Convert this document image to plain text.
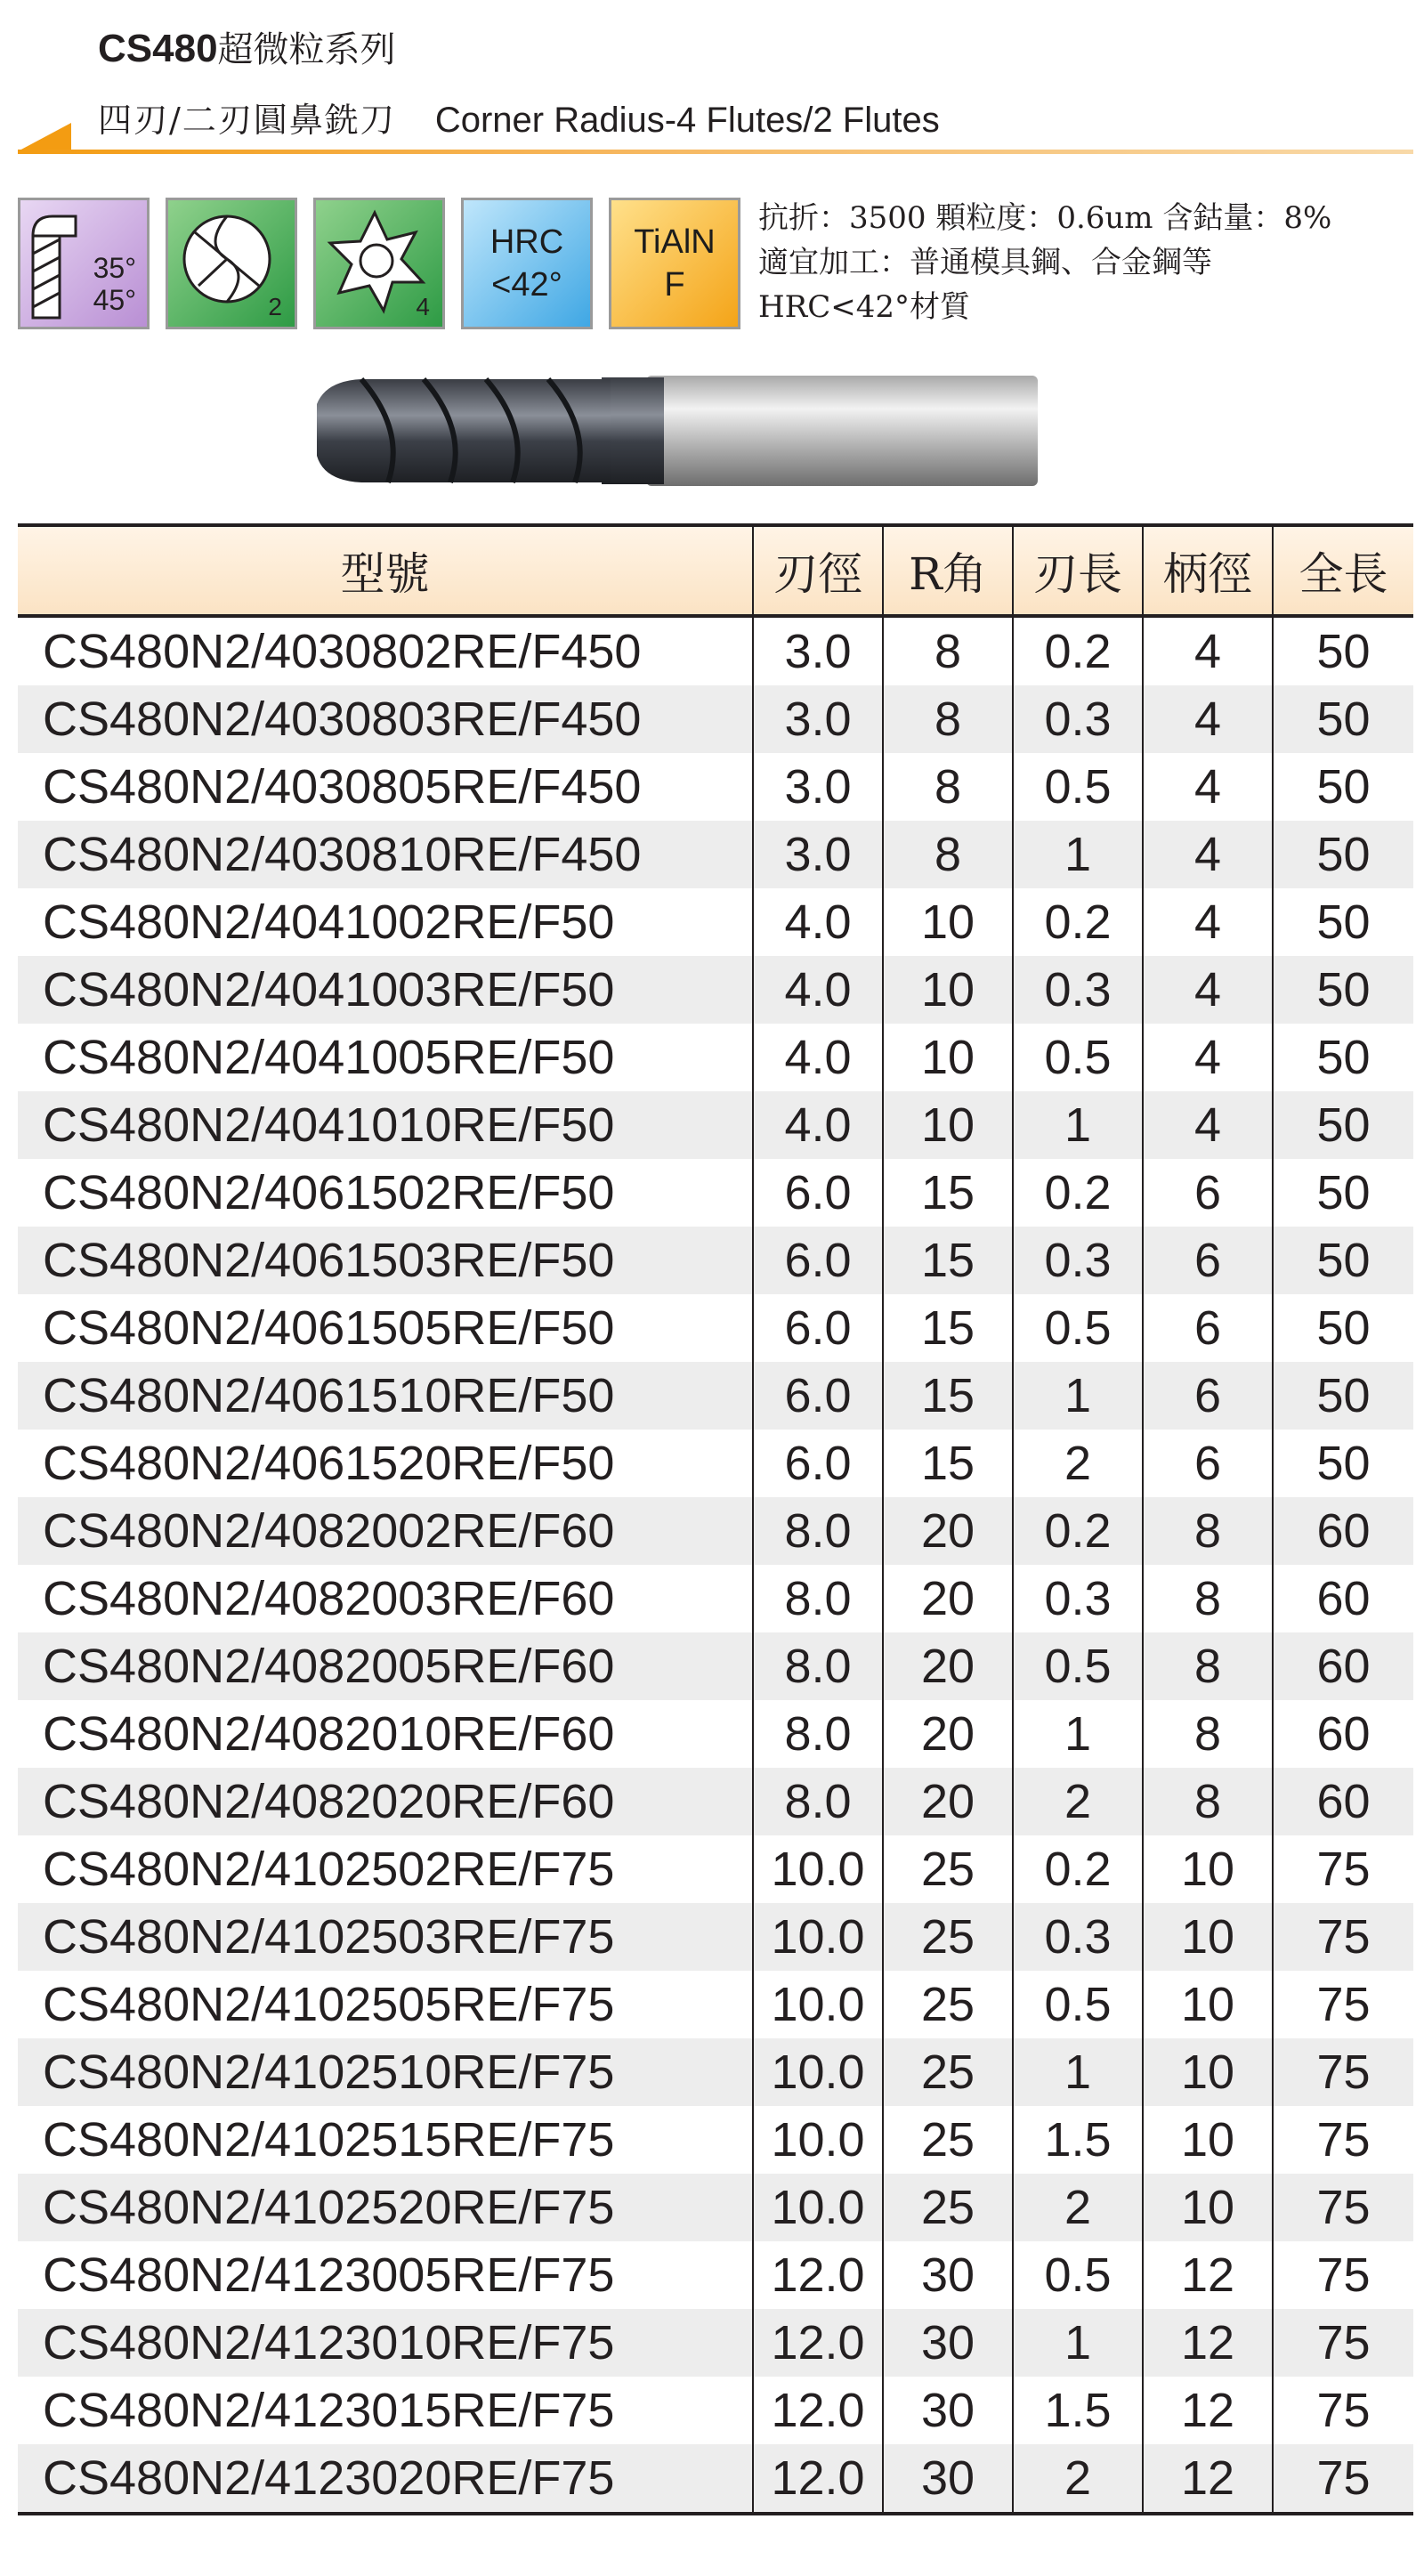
CS480超微粒系列
四刃/二刃圓鼻銑刀 Corner Radius-4 Flutes/2 Flutes
35°
45°	2	4
HRC
<42°
TiAlN
F
抗折：3500 顆粒度：0.6um 含鈷量：8%
適宜加工：普通模具鋼、合金鋼等
HRC<42°材質
型號	刃徑	R角	刃長	柄徑	全長
CS480N2/4030802RE/F450	3.0	8	0.2	4	50
CS480N2/4030803RE/F450	3.0	8	0.3	4	50
CS480N2/4030805RE/F450	3.0	8	0.5	4	50
CS480N2/4030810RE/F450	3.0	8	1	4	50
CS480N2/4041002RE/F50	4.0	10	0.2	4	50
CS480N2/4041003RE/F50	4.0	10	0.3	4	50
CS480N2/4041005RE/F50	4.0	10	0.5	4	50
CS480N2/4041010RE/F50	4.0	10	1	4	50
CS480N2/4061502RE/F50	6.0	15	0.2	6	50
CS480N2/4061503RE/F50	6.0	15	0.3	6	50
CS480N2/4061505RE/F50	6.0	15	0.5	6	50
CS480N2/4061510RE/F50	6.0	15	1	6	50
CS480N2/4061520RE/F50	6.0	15	2	6	50
CS480N2/4082002RE/F60	8.0	20	0.2	8	60
CS480N2/4082003RE/F60	8.0	20	0.3	8	60
CS480N2/4082005RE/F60	8.0	20	0.5	8	60
CS480N2/4082010RE/F60	8.0	20	1	8	60
CS480N2/4082020RE/F60	8.0	20	2	8	60
CS480N2/4102502RE/F75	10.0	25	0.2	10	75
CS480N2/4102503RE/F75	10.0	25	0.3	10	75
CS480N2/4102505RE/F75	10.0	25	0.5	10	75
CS480N2/4102510RE/F75	10.0	25	1	10	75
CS480N2/4102515RE/F75	10.0	25	1.5	10	75
CS480N2/4102520RE/F75	10.0	25	2	10	75
CS480N2/4123005RE/F75	12.0	30	0.5	12	75
CS480N2/4123010RE/F75	12.0	30	1	12	75
CS480N2/4123015RE/F75	12.0	30	1.5	12	75
CS480N2/4123020RE/F75	12.0	30	2	12	75
